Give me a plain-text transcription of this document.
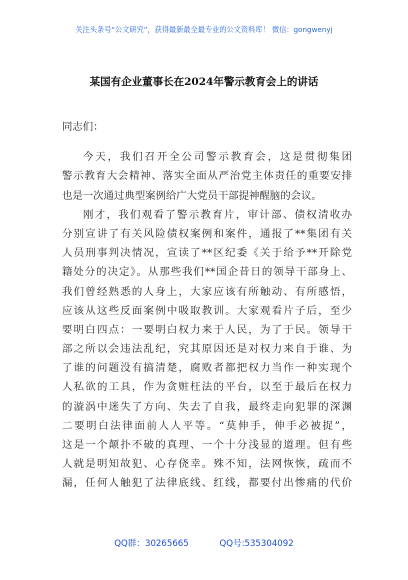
关注头条号“公文研究”，获得最新最全最专业的公文资料库！ 微信：gongwenyj
某国有企业董事长在2024年警示教育会上的讲话
同志们：
今天，我们召开全公司警示教育会，这是贯彻集团
警示教育大会精神、落实全面从严治党主体责任的重要安排
也是一次通过典型案例给广大党员干部提神醒脑的会议。
刚才，我们观看了警示教育片，审计部、债权清收办
分别宣讲了有关风险债权案例和案件，通报了**集团有关
人员刑事判决情况，宣读了**区纪委《关于给予**开除党
籍处分的决定》。从那些我们**国企昔日的领导干部身上、
我们曾经熟悉的人身上，大家应该有所触动、有所感悟，
应该从这些反面案例中吸取教训。大家观看片子后，至少
要明白四点：一要明白权力来于人民，为了于民。领导干
部之所以会违法乱纪，究其原因还是对权力来自于谁、为
了谁的问题没有搞清楚，腐败者都把权力当作一种实现个
人私欲的工具，作为贪赃枉法的平台，以至于最后在权力
的漩涡中迷失了方向、失去了自我，最终走向犯罪的深渊
二要明白法律面前人人平等。“莫伸手，伸手必被捉”，
这是一个颠扑不破的真理、一个十分浅显的道理。但有些
人就是明知故犯、心存侥幸。殊不知，法网恢恢，疏而不
漏，任何人触犯了法律底线、红线，都要付出惨痛的代价
QQ群：30265665	QQ号:535304092
